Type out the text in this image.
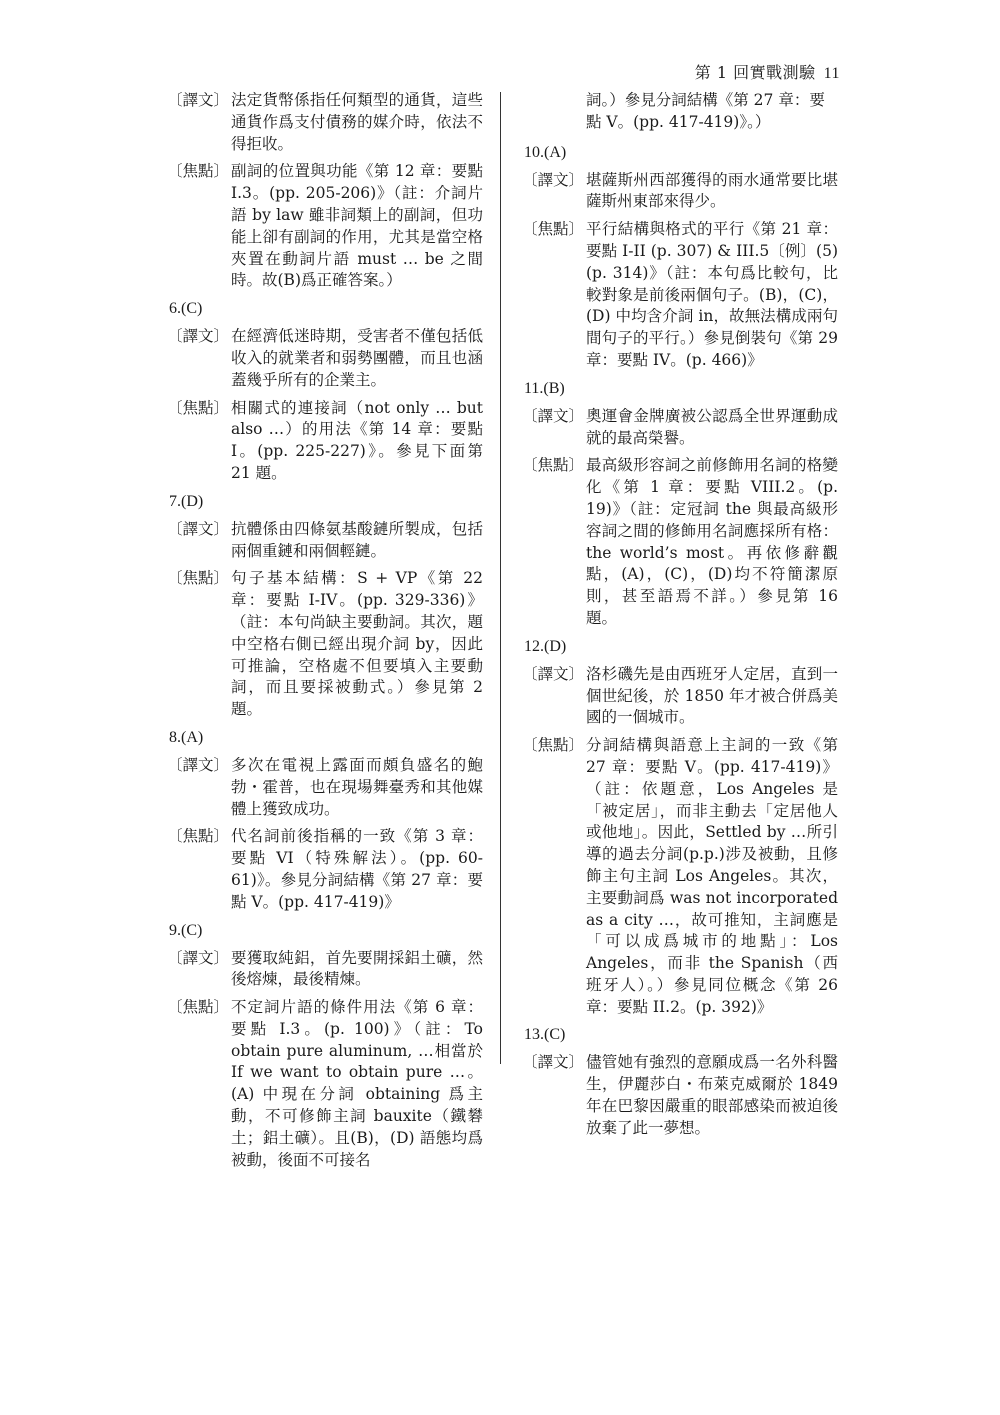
第 1 回實戰測驗 11
〔譯文〕 法定貨幣係指任何類型的通貨，這些通貨作爲支付債務的媒介時，依法不得拒收。
〔焦點〕 副詞的位置與功能《第 12 章：要點 I.3。(pp. 205-206)》（註：介詞片語 by law 雖非詞類上的副詞，但功能上卻有副詞的作用，尤其是當空格夾置在動詞片語 must … be 之間時。故(B)爲正確答案。）
6.(C)
〔譯文〕 在經濟低迷時期，受害者不僅包括低收入的就業者和弱勢團體，而且也涵蓋幾乎所有的企業主。
〔焦點〕 相關式的連接詞（not only … but also …）的用法《第 14 章：要點 I。(pp. 225-227)》。參見下面第 21 題。
7.(D)
〔譯文〕 抗體係由四條氨基酸鏈所製成，包括兩個重鏈和兩個輕鏈。
〔焦點〕 句子基本結構：S + VP《第 22 章：要點 I-IV。(pp. 329-336)》（註：本句尚缺主要動詞。其次，題中空格右側已經出現介詞 by，因此可推論，空格處不但要填入主要動詞，而且要採被動式。）參見第 2 題。
8.(A)
〔譯文〕 多次在電視上露面而頗負盛名的鮑勃・霍普，也在現場舞臺秀和其他媒體上獲致成功。
〔焦點〕 代名詞前後指稱的一致《第 3 章：要點 VI（特殊解法）。(pp. 60-61)》。參見分詞結構《第 27 章：要點 V。(pp. 417-419)》
9.(C)
〔譯文〕 要獲取純鋁，首先要開採鋁土礦，然後熔煉，最後精煉。
〔焦點〕 不定詞片語的條件用法《第 6 章：要點 I.3。(p. 100)》（註：To obtain pure aluminum, …相當於 If we want to obtain pure …。(A) 中現在分詞 obtaining 爲主動，不可修飾主詞 bauxite（鐵礬土；鋁土礦）。且(B)，(D) 語態均爲被動，後面不可接名
詞。）參見分詞結構《第 27 章：要點 V。(pp. 417-419)》。）
10.(A)
〔譯文〕 堪薩斯州西部獲得的雨水通常要比堪薩斯州東部來得少。
〔焦點〕 平行結構與格式的平行《第 21 章：要點 I-II (p. 307) & III.5〔例〕(5) (p. 314)》（註：本句爲比較句，比較對象是前後兩個句子。(B)，(C)，(D) 中均含介詞 in，故無法構成兩句間句子的平行。）參見倒裝句《第 29 章：要點 IV。(p. 466)》
11.(B)
〔譯文〕 奧運會金牌廣被公認爲全世界運動成就的最高榮譽。
〔焦點〕 最高級形容詞之前修飾用名詞的格變化《第 1 章：要點 VIII.2。(p. 19)》（註：定冠詞 the 與最高級形容詞之間的修飾用名詞應採所有格：the world’s most。再依修辭觀點，(A)，(C)，(D)均不符簡潔原則，甚至語焉不詳。）參見第 16 題。
12.(D)
〔譯文〕 洛杉磯先是由西班牙人定居，直到一個世紀後，於 1850 年才被合併爲美國的一個城市。
〔焦點〕 分詞結構與語意上主詞的一致《第 27 章：要點 V。(pp. 417-419)》（註：依題意，Los Angeles 是「被定居」，而非主動去「定居他人或他地」。因此，Settled by …所引導的過去分詞(p.p.)涉及被動，且修飾主句主詞 Los Angeles。其次，主要動詞爲 was not incorporated as a city …，故可推知，主詞應是「可以成爲城市的地點」：Los Angeles，而非 the Spanish（西班牙人）。）參見同位概念《第 26 章：要點 II.2。(p. 392)》
13.(C)
〔譯文〕 儘管她有強烈的意願成爲一名外科醫生，伊麗莎白・布萊克威爾於 1849 年在巴黎因嚴重的眼部感染而被迫後放棄了此一夢想。
